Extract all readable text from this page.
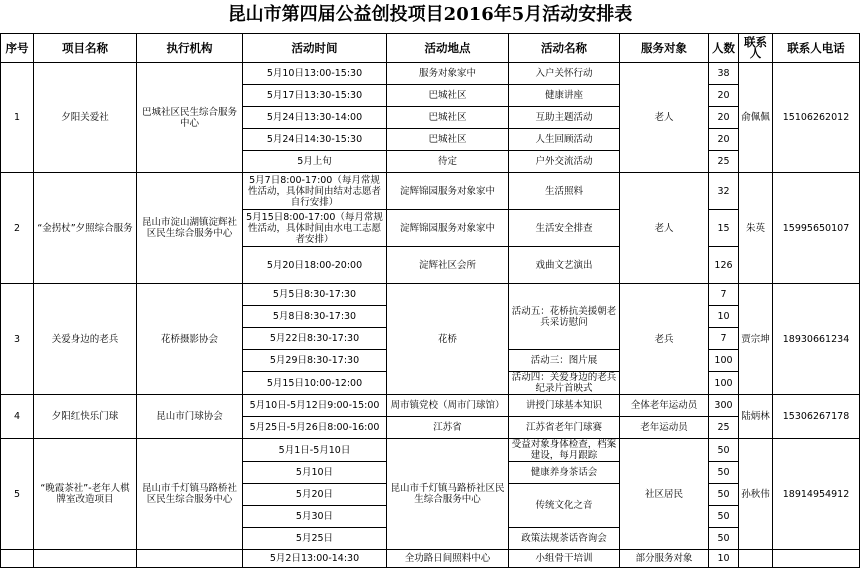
昆山市第四届公益创投项目2016年5月活动安排表
序号	项目名称	执行机构	活动时间	活动地点	活动名称	服务对象	人数	联系人	联系人电话
1	夕阳关爱社	巴城社区民生综合服务中心	5月10日13:00-15:30	服务对象家中	入户关怀行动	老人	38	俞佩佩	15106262012
			5月17日13:30-15:30	巴城社区	健康讲座		20		
			5月24日13:30-14:00	巴城社区	互助主题活动		20		
			5月24日14:30-15:30	巴城社区	人生回顾活动		20		
			5月上旬	待定	户外交流活动		25		
2	“金拐杖”夕照综合服务	昆山市淀山湖镇淀辉社区民生综合服务中心	5月7日8:00-17:00（每月常规性活动，具体时间由结对志愿者自行安排）	淀辉锦园服务对象家中	生活照料	老人	32	朱英	15995650107
			5月15日8:00-17:00（每月常规性活动，具体时间由水电工志愿者安排）	淀辉锦园服务对象家中	生活安全排查		15		
			5月20日18:00-20:00	淀辉社区会所	戏曲文艺演出		126		
3	关爱身边的老兵	花桥摄影协会	5月5日8:30-17:30	花桥	活动五：花桥抗美援朝老兵采访慰问	老兵	7	贾宗坤	18930661234
			5月8日8:30-17:30				10		
			5月22日8:30-17:30				7		
			5月29日8:30-17:30		活动三：图片展		100		
			5月15日10:00-12:00		活动四：关爱身边的老兵纪录片首映式		100		
4	夕阳红快乐门球	昆山市门球协会	5月10日-5月12日9:00-15:00	周市镇党校（周市门球馆）	讲授门球基本知识	全体老年运动员	300	陆炳林	15306267178
			5月25日-5月26日8:00-16:00	江苏省	江苏省老年门球赛	老年运动员	25		
5	“晚霞茶社”-老年人棋牌室改造项目	昆山市千灯镇马路桥社区民生综合服务中心	5月1日-5月10日	昆山市千灯镇马路桥社区民生综合服务中心	受益对象身体检查，档案建设，每月跟踪	社区居民	50	孙秋伟	18914954912
			5月10日		健康养身茶话会		50		
			5月20日		传统文化之音		50		
			5月30日				50		
			5月25日		政策法规茶话咨询会		50		
			5月2日13:00-14:30	全功路日间照料中心	小组骨干培训	部分服务对象	10		
